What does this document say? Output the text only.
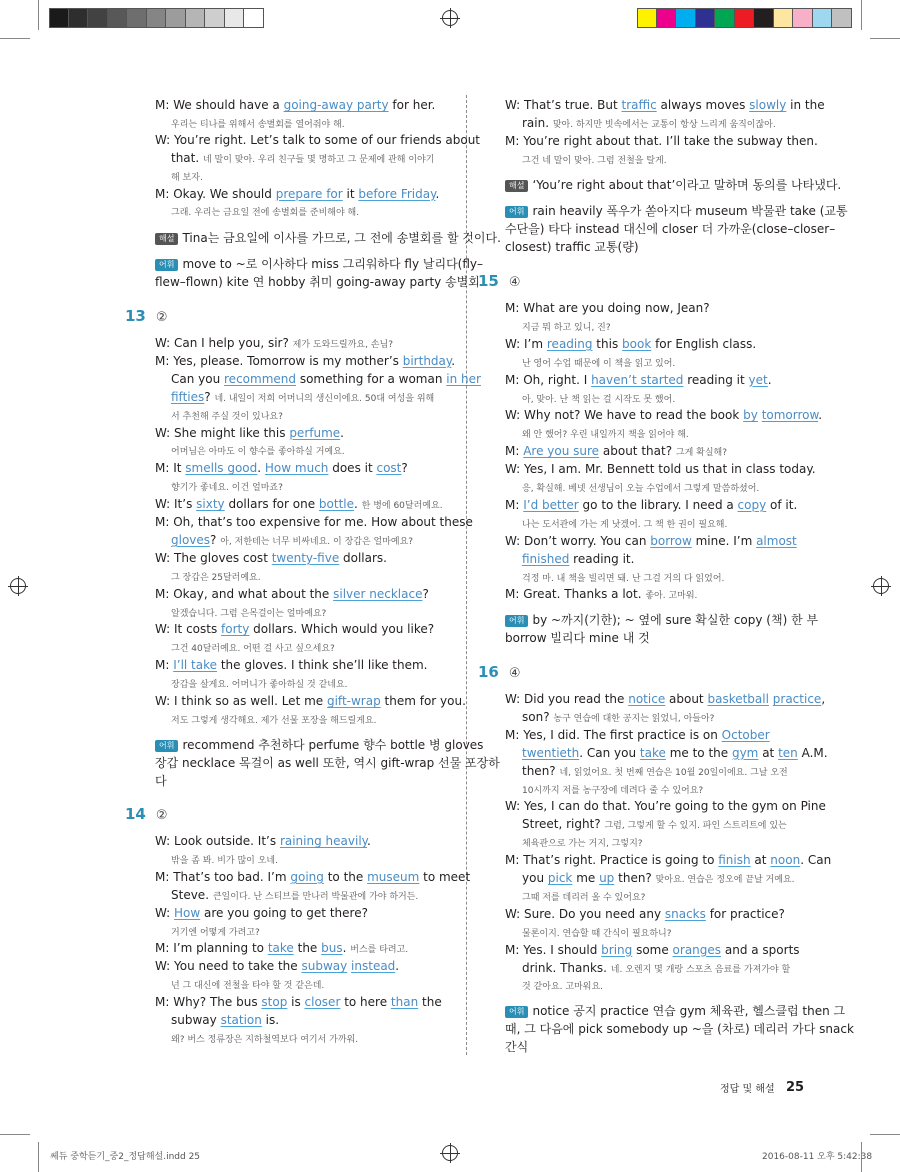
M: We should have a going-away party for her.
우리는 티나를 위해서 송별회를 열어줘야 해.
W: You’re right. Let’s talk to some of our friends about
that. 네 말이 맞아. 우리 친구들 몇 명하고 그 문제에 관해 이야기
해 보자.
M: Okay. We should prepare for it before Friday.
그래. 우리는 금요일 전에 송별회를 준비해야 해.
해설 Tina는 금요일에 이사를 가므로, 그 전에 송별회를 할 것이다.
어휘 move to ~로 이사하다 miss 그리워하다 fly 날리다(fly–
flew–flown) kite 연 hobby 취미 going-away party 송별회
13 ②
W: Can I help you, sir? 제가 도와드릴까요, 손님?
M: Yes, please. Tomorrow is my mother’s birthday.
Can you recommend something for a woman in her
fifties? 네. 내일이 저희 어머니의 생신이에요. 50대 여성을 위해
서 추천해 주실 것이 있나요?
W: She might like this perfume.
어머님은 아마도 이 향수를 좋아하실 거예요.
M: It smells good. How much does it cost?
향기가 좋네요. 이건 얼마죠?
W: It’s sixty dollars for one bottle. 한 병에 60달러예요.
M: Oh, that’s too expensive for me. How about these
gloves? 아, 저한테는 너무 비싸네요. 이 장갑은 얼마예요?
W: The gloves cost twenty-five dollars.
그 장갑은 25달러예요.
M: Okay, and what about the silver necklace?
알겠습니다. 그럼 은목걸이는 얼마예요?
W: It costs forty dollars. Which would you like?
그건 40달러예요. 어떤 걸 사고 싶으세요?
M: I’ll take the gloves. I think she’ll like them.
장갑을 살게요. 어머니가 좋아하실 것 같네요.
W: I think so as well. Let me gift-wrap them for you.
저도 그렇게 생각해요. 제가 선물 포장을 해드릴게요.
어휘 recommend 추천하다 perfume 향수 bottle 병 gloves
장갑 necklace 목걸이 as well 또한, 역시 gift-wrap 선물 포장하
다
14 ②
W: Look outside. It’s raining heavily.
밖을 좀 봐. 비가 많이 오네.
M: That’s too bad. I’m going to the museum to meet
Steve. 큰일이다. 난 스티브를 만나러 박물관에 가야 하거든.
W: How are you going to get there?
거기엔 어떻게 가려고?
M: I’m planning to take the bus. 버스를 타려고.
W: You need to take the subway instead.
넌 그 대신에 전철을 타야 할 것 같은데.
M: Why? The bus stop is closer to here than the
subway station is.
왜? 버스 정류장은 지하철역보다 여기서 가까워.
W: That’s true. But traffic always moves slowly in the
rain. 맞아. 하지만 빗속에서는 교통이 항상 느리게 움직이잖아.
M: You’re right about that. I’ll take the subway then.
그건 네 말이 맞아. 그럼 전철을 탈게.
해설 ‘You’re right about that’이라고 말하며 동의를 나타냈다.
어휘 rain heavily 폭우가 쏟아지다 museum 박물관 take (교통
수단을) 타다 instead 대신에 closer 더 가까운(close–closer–
closest) traffic 교통(량)
15 ④
M: What are you doing now, Jean?
지금 뭐 하고 있니, 진?
W: I’m reading this book for English class.
난 영어 수업 때문에 이 책을 읽고 있어.
M: Oh, right. I haven’t started reading it yet.
아, 맞아. 난 책 읽는 걸 시작도 못 했어.
W: Why not? We have to read the book by tomorrow.
왜 안 했어? 우린 내일까지 책을 읽어야 해.
M: Are you sure about that? 그게 확실해?
W: Yes, I am. Mr. Bennett told us that in class today.
응, 확실해. 베넷 선생님이 오늘 수업에서 그렇게 말씀하셨어.
M: I’d better go to the library. I need a copy of it.
나는 도서관에 가는 게 낫겠어. 그 책 한 권이 필요해.
W: Don’t worry. You can borrow mine. I’m almost
finished reading it.
걱정 마. 내 책을 빌리면 돼. 난 그걸 거의 다 읽었어.
M: Great. Thanks a lot. 좋아. 고마워.
어휘 by ~까지(기한); ~ 옆에 sure 확실한 copy (책) 한 부
borrow 빌리다 mine 내 것
16 ④
W: Did you read the notice about basketball practice,
son? 농구 연습에 대한 공지는 읽었니, 아들아?
M: Yes, I did. The first practice is on October
twentieth. Can you take me to the gym at ten A.M.
then? 네, 읽었어요. 첫 번째 연습은 10월 20일이에요. 그날 오전
10시까지 저를 농구장에 데려다 줄 수 있어요?
W: Yes, I can do that. You’re going to the gym on Pine
Street, right? 그럼, 그렇게 할 수 있지. 파인 스트리트에 있는
체육관으로 가는 거지, 그렇지?
M: That’s right. Practice is going to finish at noon. Can
you pick me up then? 맞아요. 연습은 정오에 끝날 거예요.
그때 저를 데리러 올 수 있어요?
W: Sure. Do you need any snacks for practice?
물론이지. 연습할 때 간식이 필요하니?
M: Yes. I should bring some oranges and a sports
drink. Thanks. 네. 오렌지 몇 개랑 스포츠 음료를 가져가야 할
것 같아요. 고마워요.
어휘 notice 공지 practice 연습 gym 체육관, 헬스클럽 then 그
때, 그 다음에 pick somebody up ~을 (차로) 데리러 가다 snack
간식
정답 및 해설 25
쎄듀 중학듣기_중2_정답해설.indd 25	2016-08-11 오후 5:42:38
